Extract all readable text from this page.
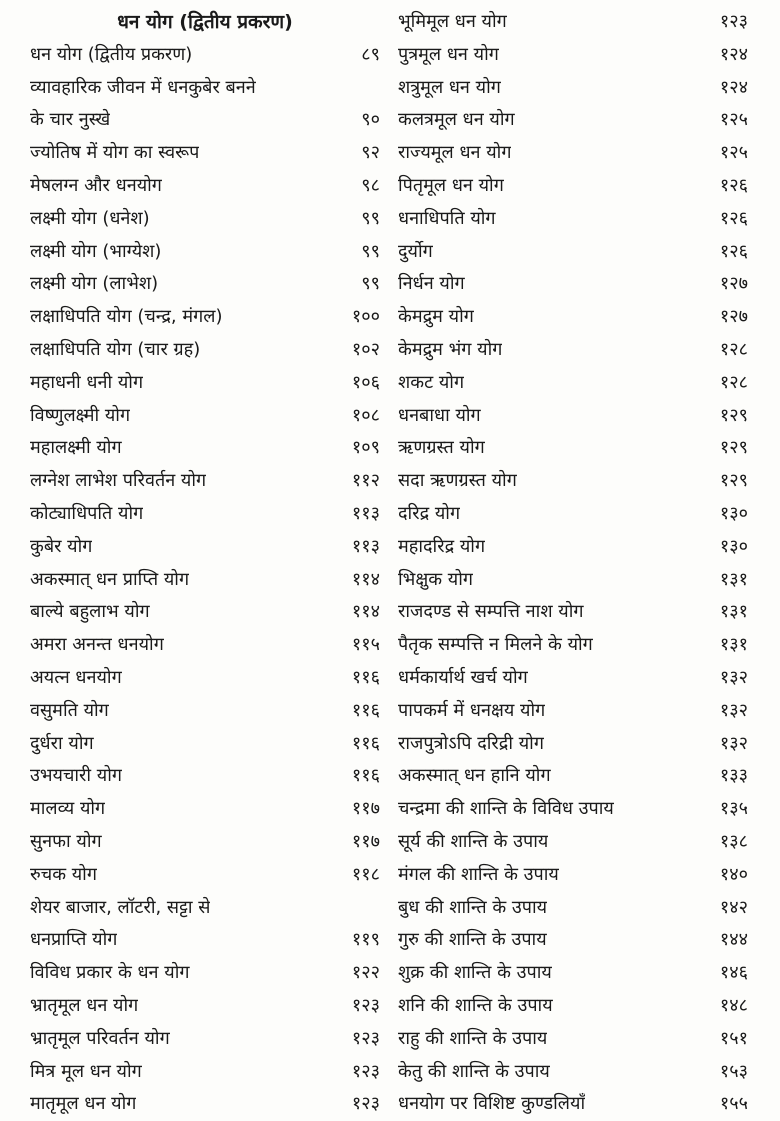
धन योग (द्वितीय प्रकरण)
धन योग (द्वितीय प्रकरण)	८९
व्यावहारिक जीवन में धनकुबेर बनने
के चार नुस्खे	९०
ज्योतिष में योग का स्वरूप	९२
मेषलग्न और धनयोग	९८
लक्ष्मी योग (धनेश)	९९
लक्ष्मी योग (भाग्येश)	९९
लक्ष्मी योग (लाभेश)	९९
लक्षाधिपति योग (चन्द्र, मंगल)	१००
लक्षाधिपति योग (चार ग्रह)	१०२
महाधनी धनी योग	१०६
विष्णुलक्ष्मी योग	१०८
महालक्ष्मी योग	१०९
लग्नेश लाभेश परिवर्तन योग	११२
कोट्याधिपति योग	११३
कुबेर योग	११३
अकस्मात् धन प्राप्ति योग	११४
बाल्ये बहुलाभ योग	११४
अमरा अनन्त धनयोग	११५
अयत्न धनयोग	११६
वसुमति योग	११६
दुर्धरा योग	११६
उभयचारी योग	११६
मालव्य योग	११७
सुनफा योग	११७
रुचक योग	११८
शेयर बाजार, लॉटरी, सट्टा से
धनप्राप्ति योग	११९
विविध प्रकार के धन योग	१२२
भ्रातृमूल धन योग	१२३
भ्रातृमूल परिवर्तन योग	१२३
मित्र मूल धन योग	१२३
मातृमूल धन योग	१२३
भूमिमूल धन योग	१२३
पुत्रमूल धन योग	१२४
शत्रुमूल धन योग	१२४
कलत्रमूल धन योग	१२५
राज्यमूल धन योग	१२५
पितृमूल धन योग	१२६
धनाधिपति योग	१२६
दुर्योग	१२६
निर्धन योग	१२७
केमद्रुम योग	१२७
केमद्रुम भंग योग	१२८
शकट योग	१२८
धनबाधा योग	१२९
ऋणग्रस्त योग	१२९
सदा ऋणग्रस्त योग	१२९
दरिद्र योग	१३०
महादरिद्र योग	१३०
भिक्षुक योग	१३१
राजदण्ड से सम्पत्ति नाश योग	१३१
पैतृक सम्पत्ति न मिलने के योग	१३१
धर्मकार्यार्थ खर्च योग	१३२
पापकर्म में धनक्षय योग	१३२
राजपुत्रोऽपि दरिद्री योग	१३२
अकस्मात् धन हानि योग	१३३
चन्द्रमा की शान्ति के विविध उपाय	१३५
सूर्य की शान्ति के उपाय	१३८
मंगल की शान्ति के उपाय	१४०
बुध की शान्ति के उपाय	१४२
गुरु की शान्ति के उपाय	१४४
शुक्र की शान्ति के उपाय	१४६
शनि की शान्ति के उपाय	१४८
राहु की शान्ति के उपाय	१५१
केतु की शान्ति के उपाय	१५३
धनयोग पर विशिष्ट कुण्डलियाँ	१५५
